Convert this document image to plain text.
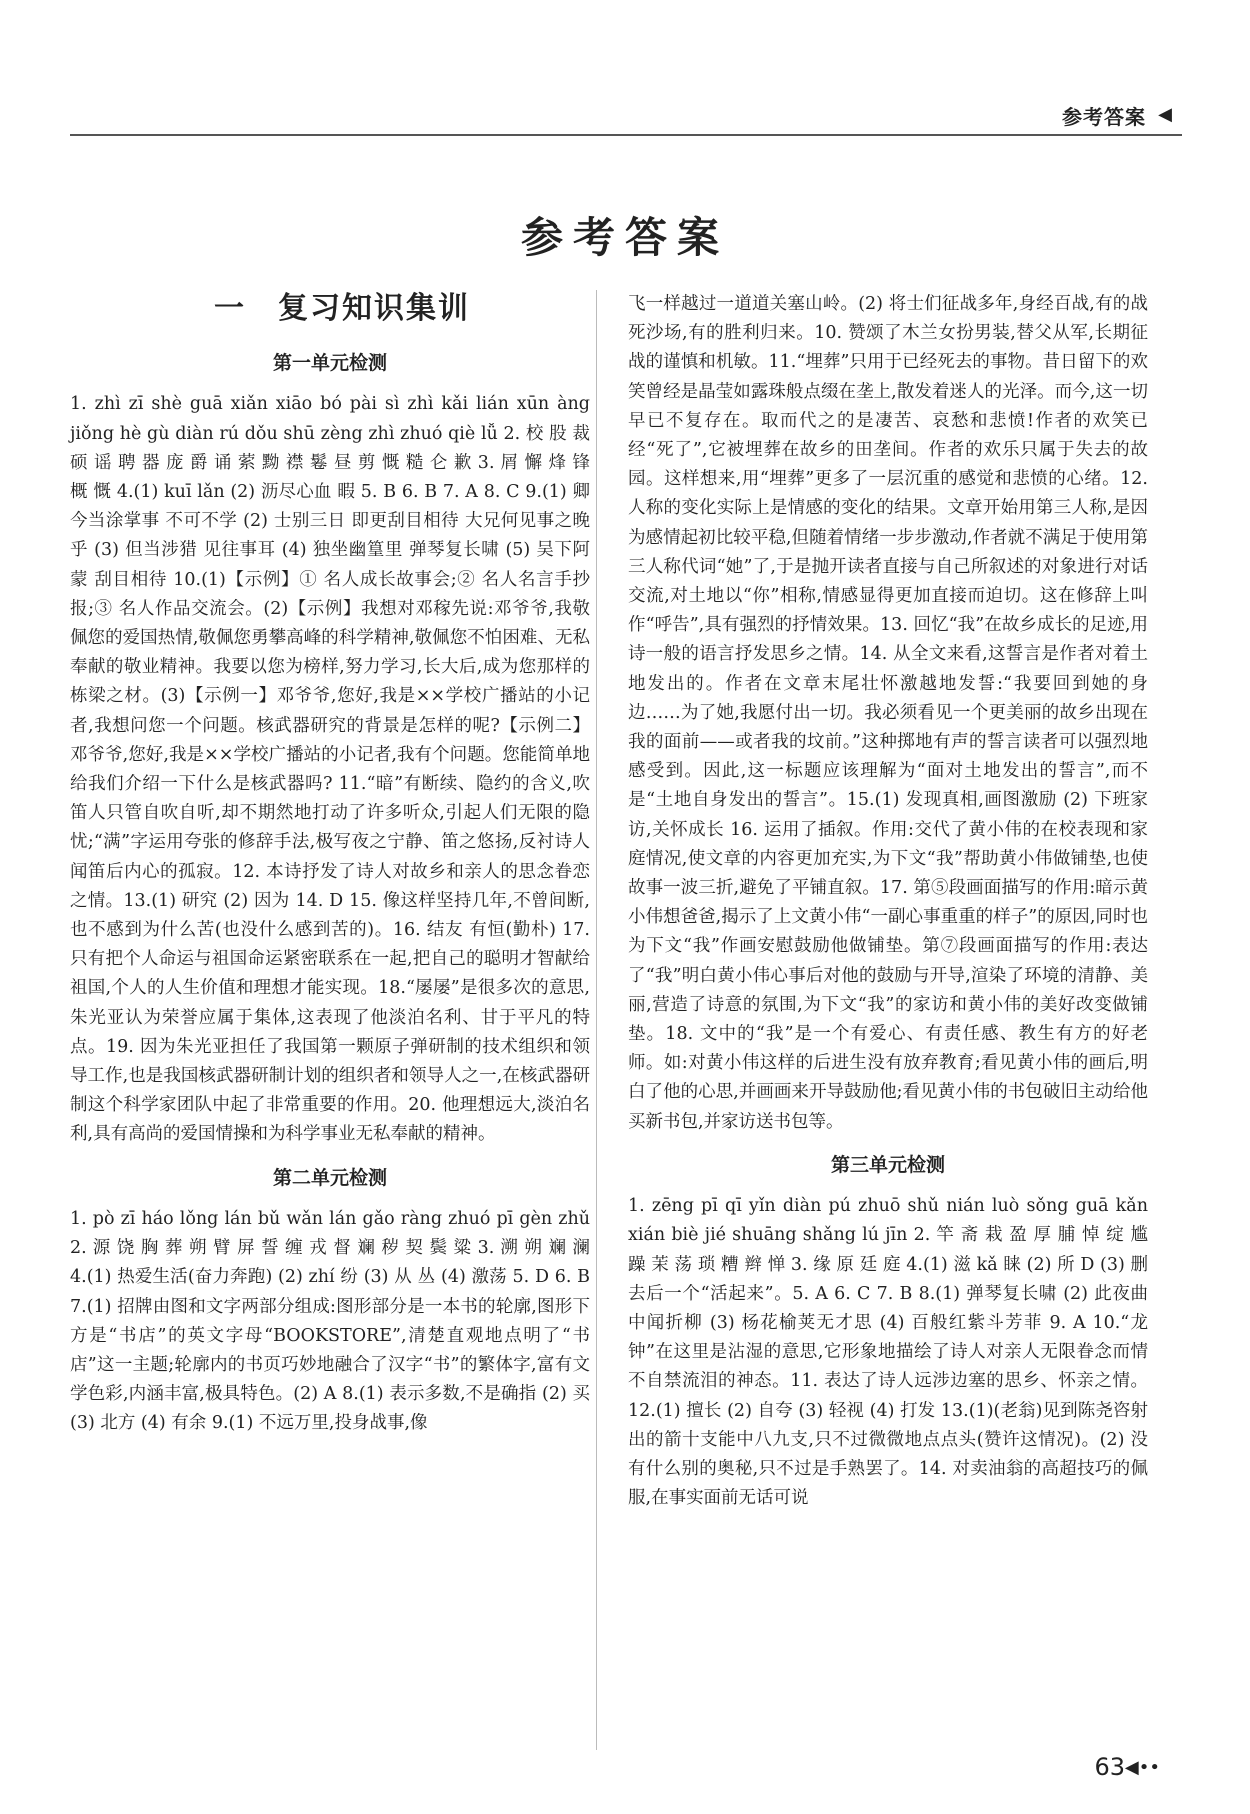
参考答案 ◀
参考答案
一　复习知识集训
第一单元检测

1. zhì zī shè guā xiǎn xiāo bó pài sì zhì kǎi lián xūn àng jiǒng hè gù diàn rú dǒu shū zèng zhì zhuó qiè lǚ 2. 校 股 裁 硕 谣 聘 器 庞 爵 诵 萦 黝 襟 鬈 昼 剪 慨 糙 仑 歉 3. 屑 懈 烽 锋 概 慨 4.(1) kuī lǎn (2) 沥尽心血 暇 5. B 6. B 7. A 8. C 9.(1) 卿今当涂掌事 不可不学 (2) 士别三日 即更刮目相待 大兄何见事之晚乎 (3) 但当涉猎 见往事耳 (4) 独坐幽篁里 弹琴复长啸 (5) 吴下阿蒙 刮目相待 10.(1)【示例】① 名人成长故事会;② 名人名言手抄报;③ 名人作品交流会。(2)【示例】我想对邓稼先说:邓爷爷,我敬佩您的爱国热情,敬佩您勇攀高峰的科学精神,敬佩您不怕困难、无私奉献的敬业精神。我要以您为榜样,努力学习,长大后,成为您那样的栋梁之材。(3)【示例一】邓爷爷,您好,我是××学校广播站的小记者,我想问您一个问题。核武器研究的背景是怎样的呢?【示例二】邓爷爷,您好,我是××学校广播站的小记者,我有个问题。您能简单地给我们介绍一下什么是核武器吗? 11.“暗”有断续、隐约的含义,吹笛人只管自吹自听,却不期然地打动了许多听众,引起人们无限的隐忧;“满”字运用夸张的修辞手法,极写夜之宁静、笛之悠扬,反衬诗人闻笛后内心的孤寂。12. 本诗抒发了诗人对故乡和亲人的思念眷恋之情。13.(1) 研究 (2) 因为 14. D 15. 像这样坚持几年,不曾间断,也不感到为什么苦(也没什么感到苦的)。16. 结友 有恒(勤朴) 17. 只有把个人命运与祖国命运紧密联系在一起,把自己的聪明才智献给祖国,个人的人生价值和理想才能实现。18.“屡屡”是很多次的意思,朱光亚认为荣誉应属于集体,这表现了他淡泊名利、甘于平凡的特点。19. 因为朱光亚担任了我国第一颗原子弹研制的技术组织和领导工作,也是我国核武器研制计划的组织者和领导人之一,在核武器研制这个科学家团队中起了非常重要的作用。20. 他理想远大,淡泊名利,具有高尚的爱国情操和为科学事业无私奉献的精神。

第二单元检测

1. pò zī háo lǒng lán bǔ wǎn lán gǎo ràng zhuó pī gèn zhǔ 2. 源 饶 胸 葬 朔 臂 屏 誓 缠 戎 督 斓 秽 契 鬓 粱 3. 溯 朔 斓 澜 4.(1) 热爱生活(奋力奔跑) (2) zhí 纷 (3) 从 丛 (4) 激荡 5. D 6. B 7.(1) 招牌由图和文字两部分组成:图形部分是一本书的轮廓,图形下方是“书店”的英文字母“BOOKSTORE”,清楚直观地点明了“书店”这一主题;轮廓内的书页巧妙地融合了汉字“书”的繁体字,富有文学色彩,内涵丰富,极具特色。(2) A 8.(1) 表示多数,不是确指 (2) 买 (3) 北方 (4) 有余 9.(1) 不远万里,投身战事,像

飞一样越过一道道关塞山岭。(2) 将士们征战多年,身经百战,有的战死沙场,有的胜利归来。10. 赞颂了木兰女扮男装,替父从军,长期征战的谨慎和机敏。11.“埋葬”只用于已经死去的事物。昔日留下的欢笑曾经是晶莹如露珠般点缀在垄上,散发着迷人的光泽。而今,这一切早已不复存在。取而代之的是凄苦、哀愁和悲愤!作者的欢笑已经“死了”,它被埋葬在故乡的田垄间。作者的欢乐只属于失去的故园。这样想来,用“埋葬”更多了一层沉重的感觉和悲愤的心绪。12. 人称的变化实际上是情感的变化的结果。文章开始用第三人称,是因为感情起初比较平稳,但随着情绪一步步激动,作者就不满足于使用第三人称代词“她”了,于是抛开读者直接与自己所叙述的对象进行对话交流,对土地以“你”相称,情感显得更加直接而迫切。这在修辞上叫作“呼告”,具有强烈的抒情效果。13. 回忆“我”在故乡成长的足迹,用诗一般的语言抒发思乡之情。14. 从全文来看,这誓言是作者对着土地发出的。作者在文章末尾壮怀激越地发誓:“我要回到她的身边……为了她,我愿付出一切。我必须看见一个更美丽的故乡出现在我的面前——或者我的坟前。”这种掷地有声的誓言读者可以强烈地感受到。因此,这一标题应该理解为“面对土地发出的誓言”,而不是“土地自身发出的誓言”。15.(1) 发现真相,画图激励 (2) 下班家访,关怀成长 16. 运用了插叙。作用:交代了黄小伟的在校表现和家庭情况,使文章的内容更加充实,为下文“我”帮助黄小伟做铺垫,也使故事一波三折,避免了平铺直叙。17. 第⑤段画面描写的作用:暗示黄小伟想爸爸,揭示了上文黄小伟“一副心事重重的样子”的原因,同时也为下文“我”作画安慰鼓励他做铺垫。第⑦段画面描写的作用:表达了“我”明白黄小伟心事后对他的鼓励与开导,渲染了环境的清静、美丽,营造了诗意的氛围,为下文“我”的家访和黄小伟的美好改变做铺垫。18. 文中的“我”是一个有爱心、有责任感、教生有方的好老师。如:对黄小伟这样的后进生没有放弃教育;看见黄小伟的画后,明白了他的心思,并画画来开导鼓励他;看见黄小伟的书包破旧主动给他买新书包,并家访送书包等。

第三单元检测

1. zēng pī qī yǐn diàn pú zhuō shǔ nián luò sǒng guā kǎn xián biè jié shuāng shǎng lú jīn 2. 竿 斋 栽 盈 厚 脯 悼 绽 尴 躁 茉 荡 琐 糟 辫 惮 3. 缘 原 廷 庭 4.(1) 滋 kǎ 睐 (2) 所 D (3) 删去后一个“活起来”。5. A 6. C 7. B 8.(1) 弹琴复长啸 (2) 此夜曲中闻折柳 (3) 杨花榆荚无才思 (4) 百般红紫斗芳菲 9. A 10.“龙钟”在这里是沾湿的意思,它形象地描绘了诗人对亲人无限眷念而情不自禁流泪的神态。11. 表达了诗人远涉边塞的思乡、怀亲之情。12.(1) 擅长 (2) 自夸 (3) 轻视 (4) 打发 13.(1)(老翁)见到陈尧咨射出的箭十支能中八九支,只不过微微地点点头(赞许这情况)。(2) 没有什么别的奥秘,只不过是手熟罢了。14. 对卖油翁的高超技巧的佩服,在事实面前无话可说

63 ◀••
